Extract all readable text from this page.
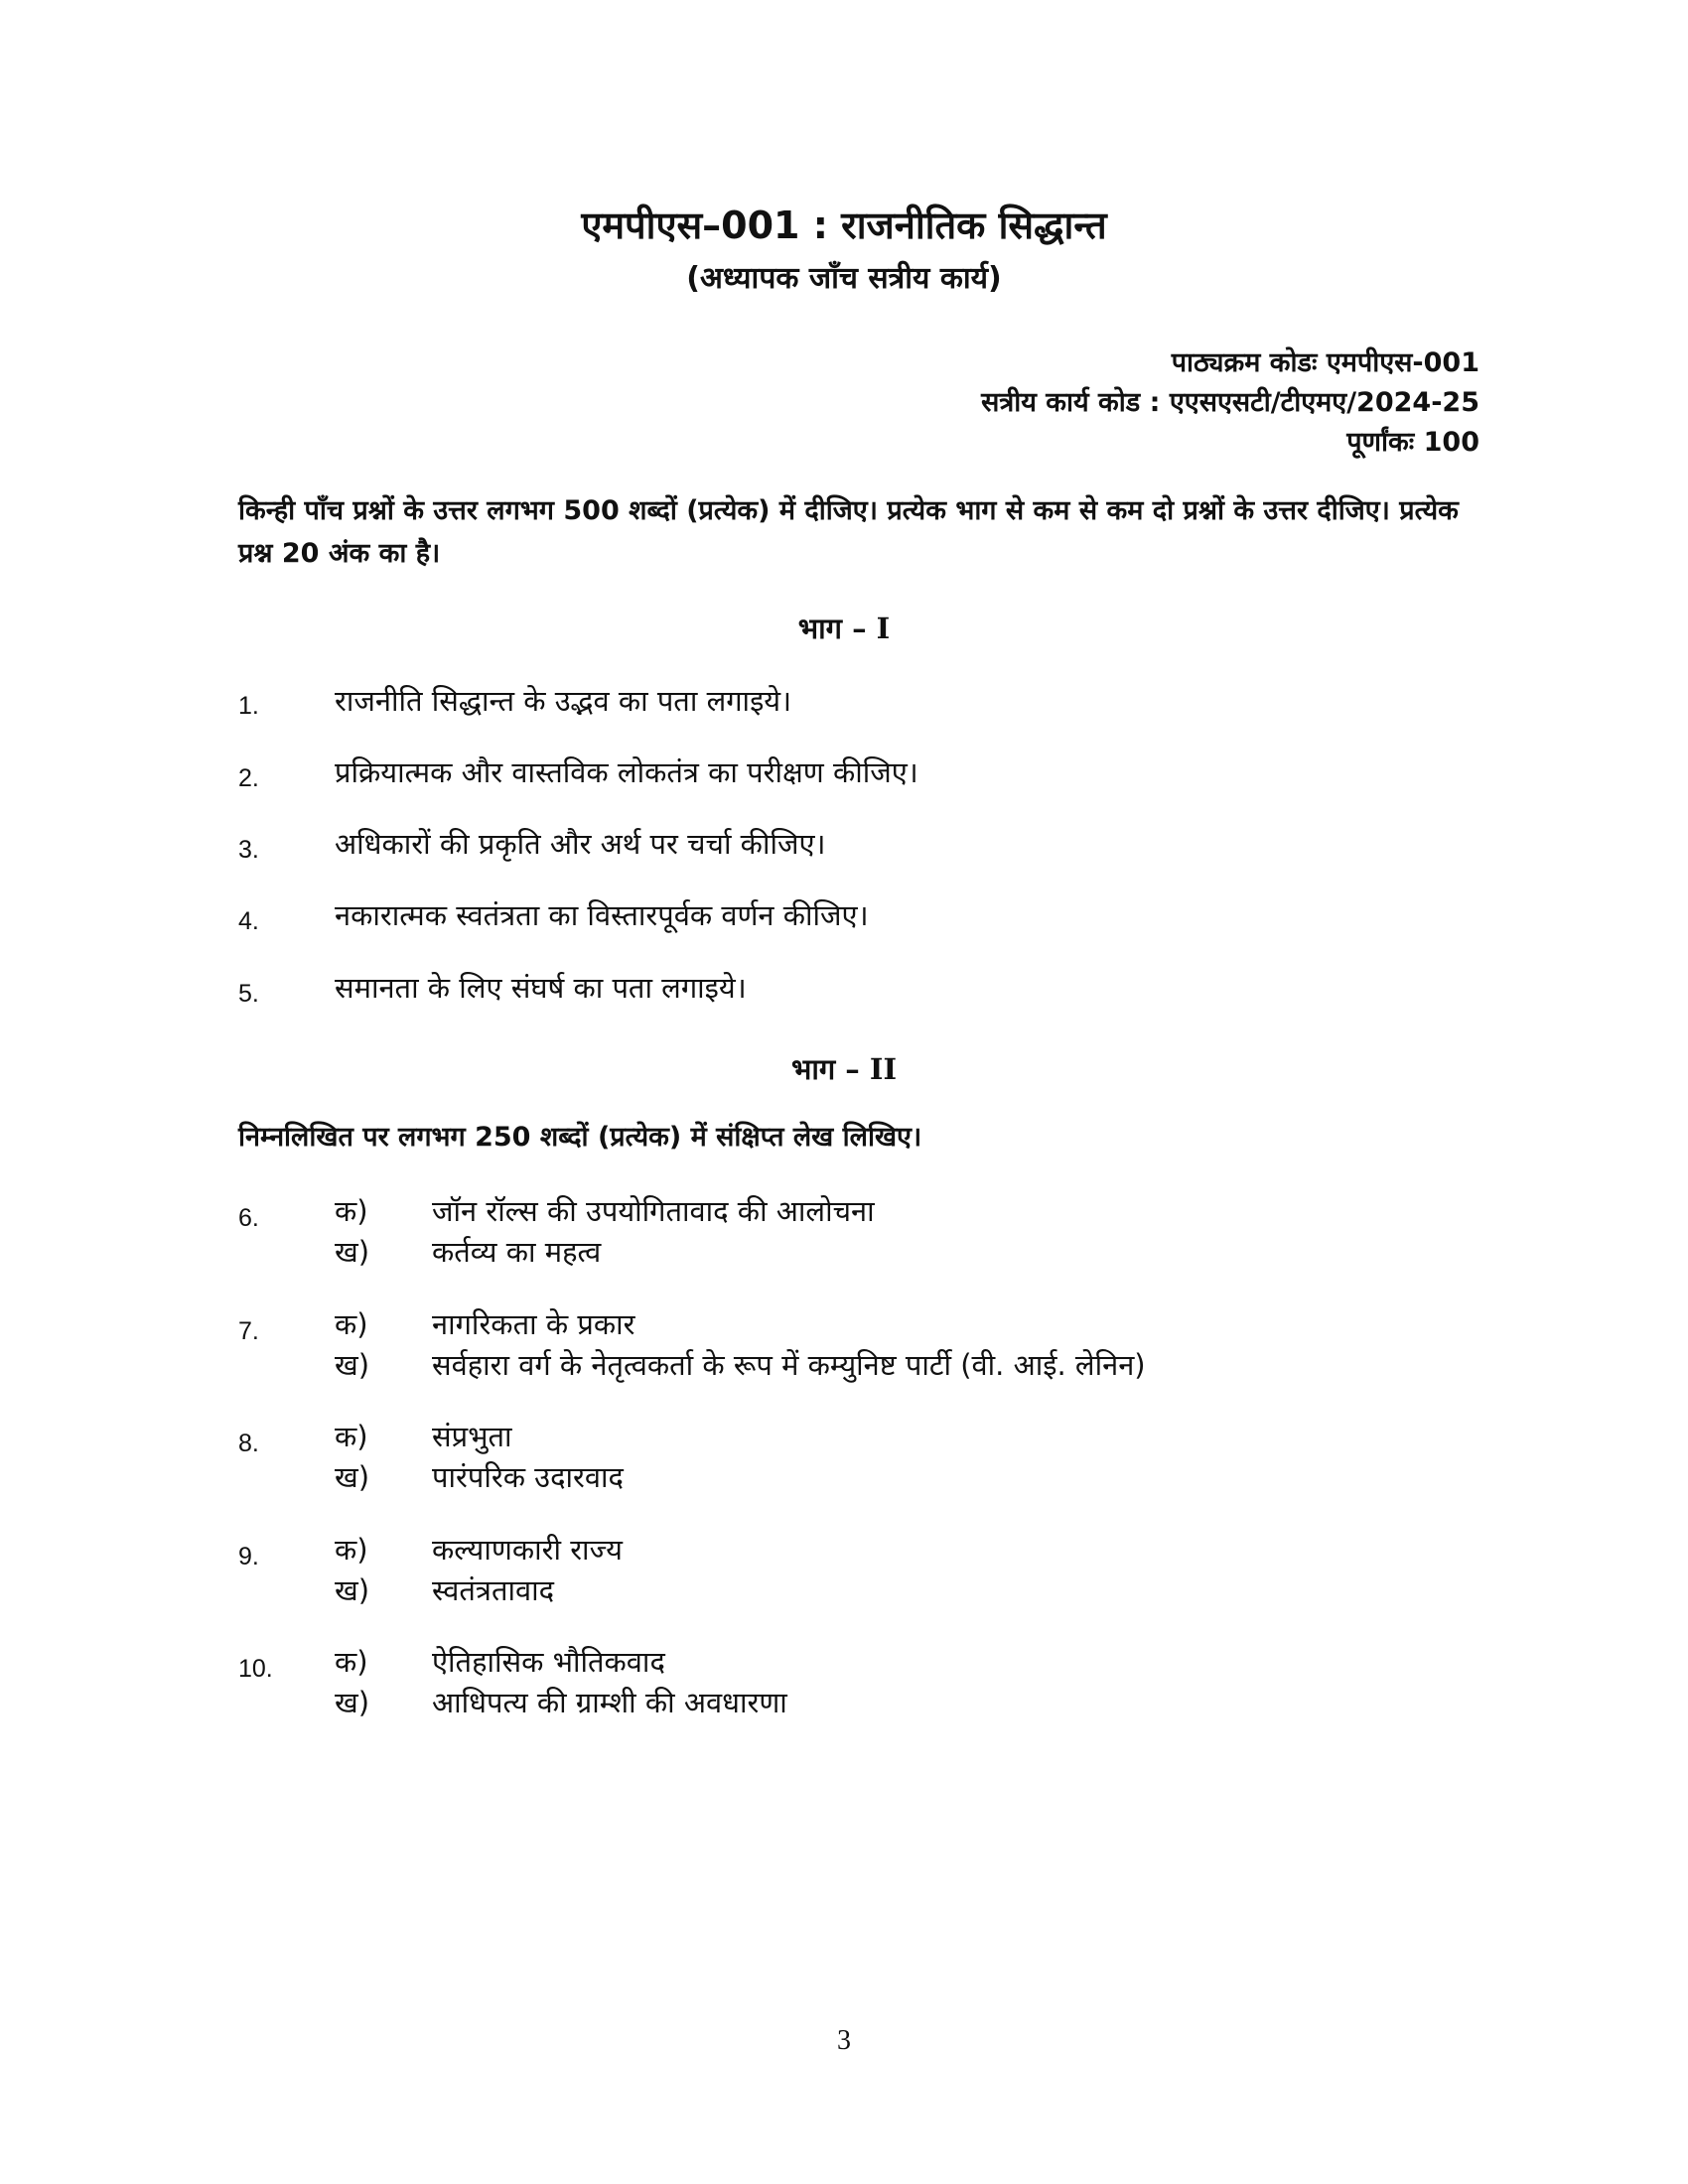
एमपीएस–001 : राजनीतिक सिद्धान्त
(अध्यापक जाँच सत्रीय कार्य)
पाठ्यक्रम कोडः एमपीएस-001
सत्रीय कार्य कोड : एएसएसटी/टीएमए/2024-25
पूर्णांकः 100
किन्ही पाँच प्रश्नों के उत्तर लगभग 500 शब्दों (प्रत्येक) में दीजिए। प्रत्येक भाग से कम से कम दो प्रश्नों के उत्तर दीजिए। प्रत्येक प्रश्न 20 अंक का है।
भाग – I
1.	राजनीति सिद्धान्त के उद्भव का पता लगाइये।
2.	प्रक्रियात्मक और वास्तविक लोकतंत्र का परीक्षण कीजिए।
3.	अधिकारों की प्रकृति और अर्थ पर चर्चा कीजिए।
4.	नकारात्मक स्वतंत्रता का विस्तारपूर्वक वर्णन कीजिए।
5.	समानता के लिए संघर्ष का पता लगाइये।
भाग – II
निम्नलिखित पर लगभग 250 शब्दों (प्रत्येक) में संक्षिप्त लेख लिखिए।
6.	क) जॉन रॉल्स की उपयोगितावाद की आलोचना
ख) कर्तव्य का महत्व
7.	क) नागरिकता के प्रकार
ख) सर्वहारा वर्ग के नेतृत्वकर्ता के रूप में कम्युनिष्ट पार्टी (वी. आई. लेनिन)
8.	क) संप्रभुता
ख) पारंपरिक उदारवाद
9.	क) कल्याणकारी राज्य
ख) स्वतंत्रतावाद
10. क) ऐतिहासिक भौतिकवाद
ख) आधिपत्य की ग्राम्शी की अवधारणा
3
